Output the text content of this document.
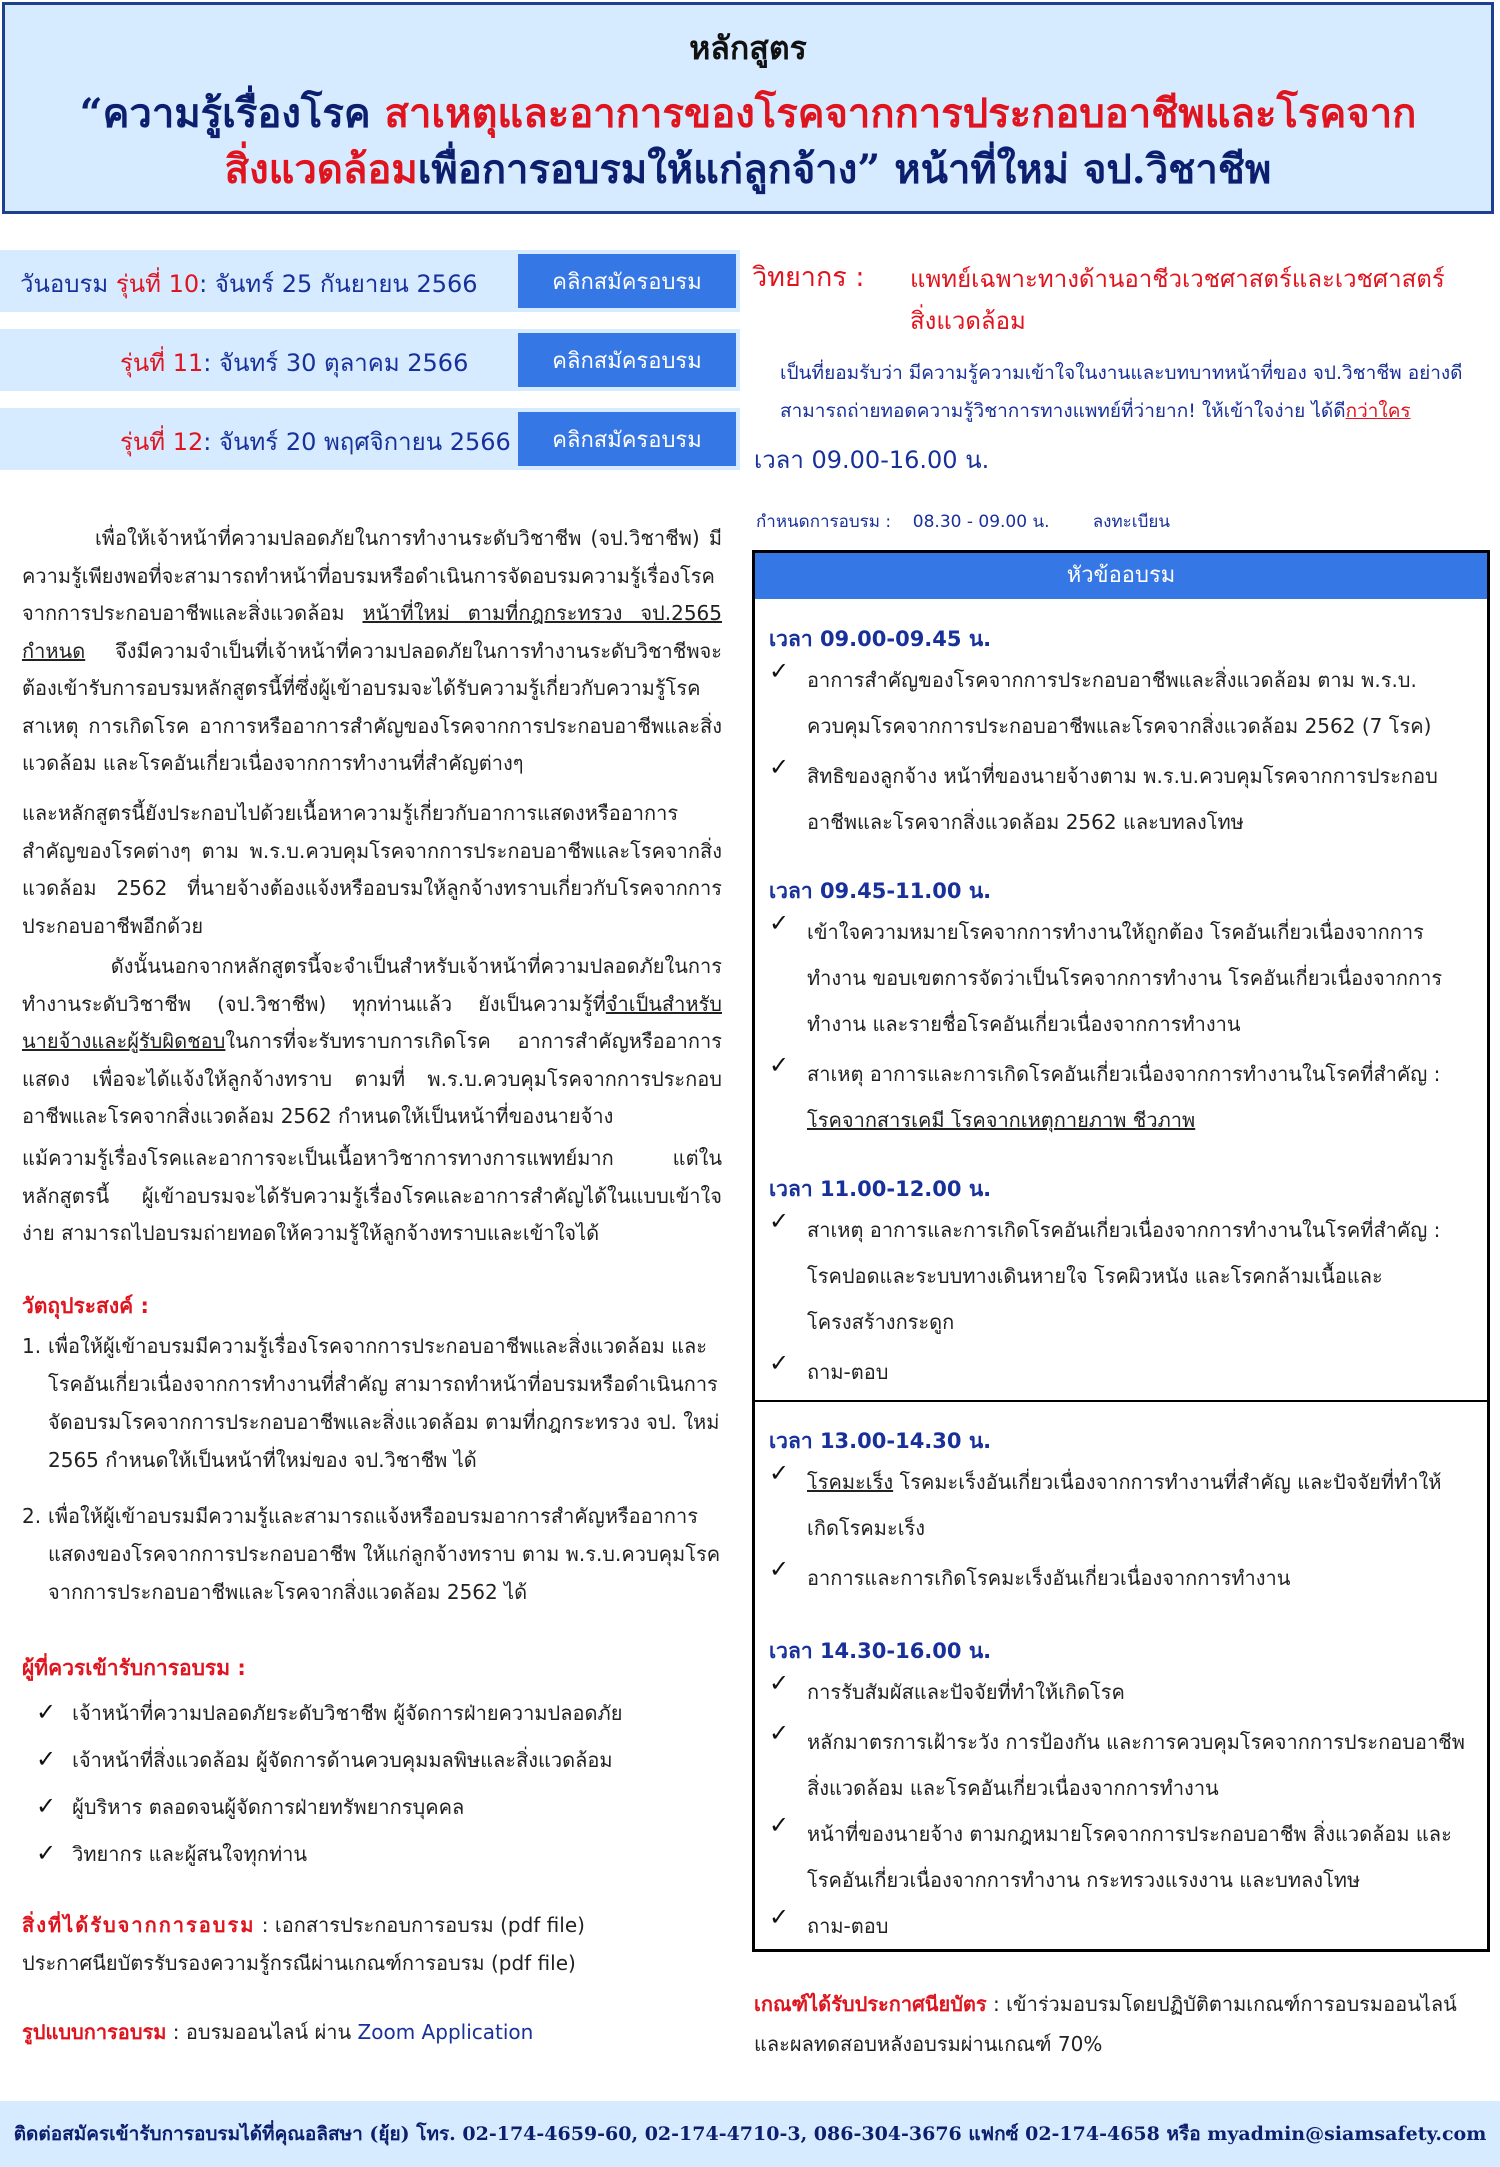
หลักสูตร
“ความรู้เรื่องโรค สาเหตุและอาการของโรคจากการประกอบอาชีพและโรคจาก
สิ่งแวดล้อมเพื่อการอบรมให้แก่ลูกจ้าง” หน้าที่ใหม่ จป.วิชาชีพ
วันอบรม รุ่นที่ 10: จันทร์ 25 กันยายน 2566	คลิกสมัครอบรม
รุ่นที่ 11: จันทร์ 30 ตุลาคม 2566	คลิกสมัครอบรม
รุ่นที่ 12: จันทร์ 20 พฤศจิกายน 2566	คลิกสมัครอบรม
วิทยากร : แพทย์เฉพาะทางด้านอาชีวเวชศาสตร์และเวชศาสตร์สิ่งแวดล้อม
เป็นที่ยอมรับว่า มีความรู้ความเข้าใจในงานและบทบาทหน้าที่ของ จป.วิชาชีพ อย่างดี สามารถถ่ายทอดความรู้วิชาการทางแพทย์ที่ว่ายาก! ให้เข้าใจง่าย ได้ดีกว่าใคร
เวลา 09.00-16.00 น.
กำหนดการอบรม : 08.30 - 09.00 น.	ลงทะเบียน
หัวข้ออบรม
เวลา 09.00-09.45 น.
✓ อาการสำคัญของโรคจากการประกอบอาชีพและสิ่งแวดล้อม ตาม พ.ร.บ. ควบคุมโรคจากการประกอบอาชีพและโรคจากสิ่งแวดล้อม 2562 (7 โรค)
✓ สิทธิของลูกจ้าง หน้าที่ของนายจ้างตาม พ.ร.บ.ควบคุมโรคจากการประกอบอาชีพและโรคจากสิ่งแวดล้อม 2562 และบทลงโทษ
เวลา 09.45-11.00 น.
✓ เข้าใจความหมายโรคจากการทำงานให้ถูกต้อง โรคอันเกี่ยวเนื่องจากการทำงาน ขอบเขตการจัดว่าเป็นโรคจากการทำงาน โรคอันเกี่ยวเนื่องจากการทำงาน และรายชื่อโรคอันเกี่ยวเนื่องจากการทำงาน
✓ สาเหตุ อาการและการเกิดโรคอันเกี่ยวเนื่องจากการทำงานในโรคที่สำคัญ :
โรคจากสารเคมี โรคจากเหตุกายภาพ ชีวภาพ
เวลา 11.00-12.00 น.
✓ สาเหตุ อาการและการเกิดโรคอันเกี่ยวเนื่องจากการทำงานในโรคที่สำคัญ : โรคปอดและระบบทางเดินหายใจ โรคผิวหนัง และโรคกล้ามเนื้อและโครงสร้างกระดูก
✓ ถาม-ตอบ
เวลา 13.00-14.30 น.
✓ โรคมะเร็ง โรคมะเร็งอันเกี่ยวเนื่องจากการทำงานที่สำคัญ และปัจจัยที่ทำให้เกิดโรคมะเร็ง
✓ อาการและการเกิดโรคมะเร็งอันเกี่ยวเนื่องจากการทำงาน
เวลา 14.30-16.00 น.
✓ การรับสัมผัสและปัจจัยที่ทำให้เกิดโรค
✓ หลักมาตรการเฝ้าระวัง การป้องกัน และการควบคุมโรคจากการประกอบอาชีพ สิ่งแวดล้อม และโรคอันเกี่ยวเนื่องจากการทำงาน
✓ หน้าที่ของนายจ้าง ตามกฎหมายโรคจากการประกอบอาชีพ สิ่งแวดล้อม และโรคอันเกี่ยวเนื่องจากการทำงาน กระทรวงแรงงาน และบทลงโทษ
✓ ถาม-ตอบ
เพื่อให้เจ้าหน้าที่ความปลอดภัยในการทำงานระดับวิชาชีพ (จป.วิชาชีพ) มีความรู้เพียงพอที่จะสามารถทำหน้าที่อบรมหรือดำเนินการจัดอบรมความรู้เรื่องโรคจากการประกอบอาชีพและสิ่งแวดล้อม หน้าที่ใหม่ ตามที่กฎกระทรวง จป.2565 กำหนด จึงมีความจำเป็นที่เจ้าหน้าที่ความปลอดภัยในการทำงานระดับวิชาชีพจะต้องเข้ารับการอบรมหลักสูตรนี้ที่ซึ่งผู้เข้าอบรมจะได้รับความรู้เกี่ยวกับความรู้โรค สาเหตุ การเกิดโรค อาการหรืออาการสำคัญของโรคจากการประกอบอาชีพและสิ่งแวดล้อม และโรคอันเกี่ยวเนื่องจากการทำงานที่สำคัญต่างๆ
และหลักสูตรนี้ยังประกอบไปด้วยเนื้อหาความรู้เกี่ยวกับอาการแสดงหรืออาการสำคัญของโรคต่างๆ ตาม พ.ร.บ.ควบคุมโรคจากการประกอบอาชีพและโรคจากสิ่งแวดล้อม 2562 ที่นายจ้างต้องแจ้งหรืออบรมให้ลูกจ้างทราบเกี่ยวกับโรคจากการประกอบอาชีพอีกด้วย
ดังนั้นนอกจากหลักสูตรนี้จะจำเป็นสำหรับเจ้าหน้าที่ความปลอดภัยในการทำงานระดับวิชาชีพ (จป.วิชาชีพ) ทุกท่านแล้ว ยังเป็นความรู้ที่จำเป็นสำหรับนายจ้างและผู้รับผิดชอบในการที่จะรับทราบการเกิดโรค อาการสำคัญหรืออาการแสดง เพื่อจะได้แจ้งให้ลูกจ้างทราบ ตามที่ พ.ร.บ.ควบคุมโรคจากการประกอบอาชีพและโรคจากสิ่งแวดล้อม 2562 กำหนดให้เป็นหน้าที่ของนายจ้าง
แม้ความรู้เรื่องโรคและอาการจะเป็นเนื้อหาวิชาการทางการแพทย์มาก แต่ในหลักสูตรนี้ ผู้เข้าอบรมจะได้รับความรู้เรื่องโรคและอาการสำคัญได้ในแบบเข้าใจง่าย สามารถไปอบรมถ่ายทอดให้ความรู้ให้ลูกจ้างทราบและเข้าใจได้
วัตถุประสงค์ :
1. เพื่อให้ผู้เข้าอบรมมีความรู้เรื่องโรคจากการประกอบอาชีพและสิ่งแวดล้อม และโรคอันเกี่ยวเนื่องจากการทำงานที่สำคัญ สามารถทำหน้าที่อบรมหรือดำเนินการจัดอบรมโรคจากการประกอบอาชีพและสิ่งแวดล้อม ตามที่กฎกระทรวง จป. ใหม่ 2565 กำหนดให้เป็นหน้าที่ใหม่ของ จป.วิชาชีพ ได้
2. เพื่อให้ผู้เข้าอบรมมีความรู้และสามารถแจ้งหรืออบรมอาการสำคัญหรืออาการแสดงของโรคจากการประกอบอาชีพ ให้แก่ลูกจ้างทราบ ตาม พ.ร.บ.ควบคุมโรคจากการประกอบอาชีพและโรคจากสิ่งแวดล้อม 2562 ได้
ผู้ที่ควรเข้ารับการอบรม :
✓ เจ้าหน้าที่ความปลอดภัยระดับวิชาชีพ ผู้จัดการฝ่ายความปลอดภัย
✓ เจ้าหน้าที่สิ่งแวดล้อม ผู้จัดการด้านควบคุมมลพิษและสิ่งแวดล้อม
✓ ผู้บริหาร ตลอดจนผู้จัดการฝ่ายทรัพยากรบุคคล
✓ วิทยากร และผู้สนใจทุกท่าน
สิ่งที่ได้รับจากการอบรม : เอกสารประกอบการอบรม (pdf file)
ประกาศนียบัตรรับรองความรู้กรณีผ่านเกณฑ์การอบรม (pdf file)
รูปแบบการอบรม : อบรมออนไลน์ ผ่าน Zoom Application
เกณฑ์ได้รับประกาศนียบัตร : เข้าร่วมอบรมโดยปฏิบัติตามเกณฑ์การอบรมออนไลน์และผลทดสอบหลังอบรมผ่านเกณฑ์ 70%
ติดต่อสมัครเข้ารับการอบรมได้ที่คุณอลิสษา (ยุ้ย) โทร. 02-174-4659-60, 02-174-4710-3, 086-304-3676 แฟกซ์ 02-174-4658 หรือ myadmin@siamsafety.com
